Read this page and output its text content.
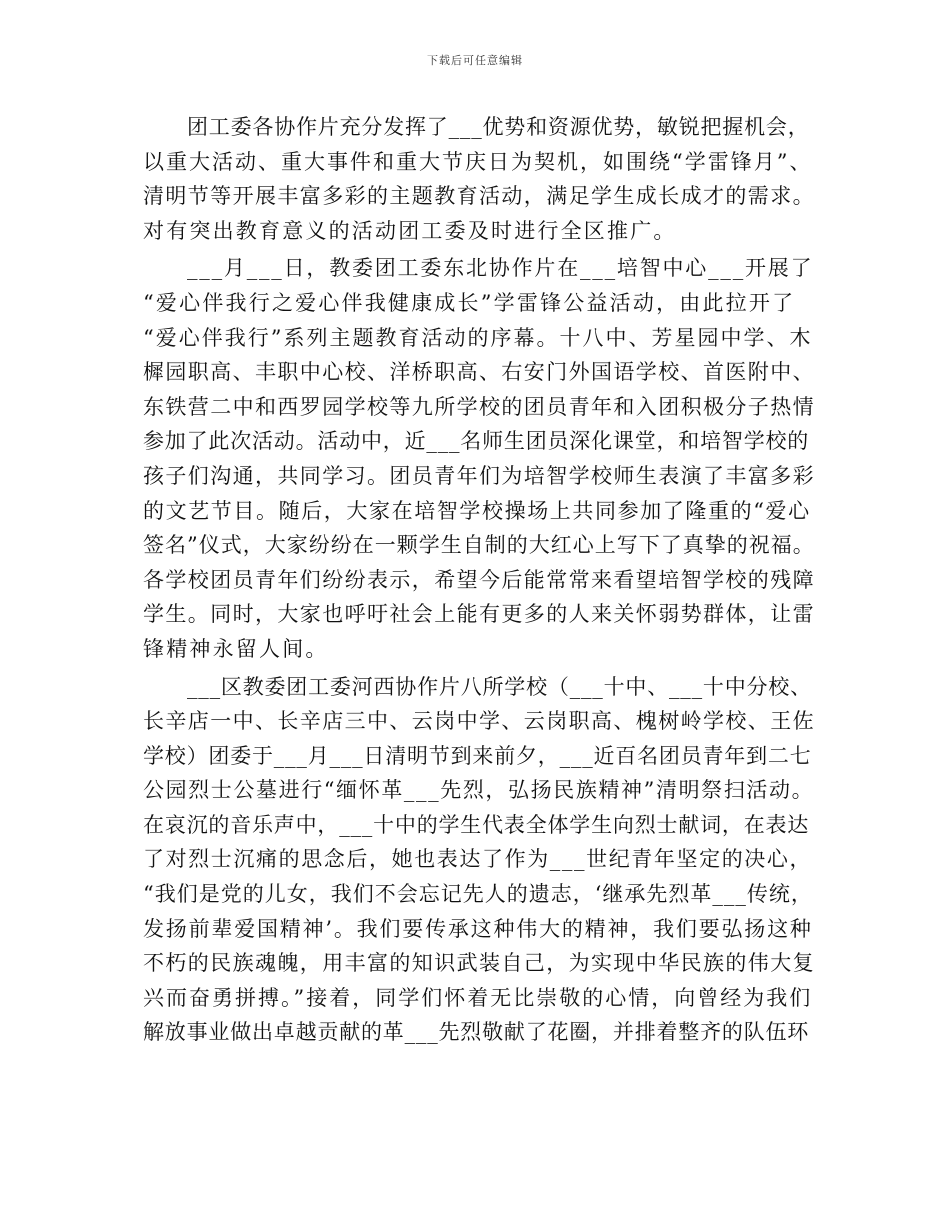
下载后可任意编辑
团工委各协作片充分发挥了___优势和资源优势，敏锐把握机会，
以重大活动、重大事件和重大节庆日为契机，如围绕“学雷锋月”、
清明节等开展丰富多彩的主题教育活动，满足学生成长成才的需求。
对有突出教育意义的活动团工委及时进行全区推广。
___月___日，教委团工委东北协作片在___培智中心___开展了
“爱心伴我行之爱心伴我健康成长”学雷锋公益活动，由此拉开了
“爱心伴我行”系列主题教育活动的序幕。十八中、芳星园中学、木
樨园职高、丰职中心校、洋桥职高、右安门外国语学校、首医附中、
东铁营二中和西罗园学校等九所学校的团员青年和入团积极分子热情
参加了此次活动。活动中，近___名师生团员深化课堂，和培智学校的
孩子们沟通，共同学习。团员青年们为培智学校师生表演了丰富多彩
的文艺节目。随后，大家在培智学校操场上共同参加了隆重的“爱心
签名”仪式，大家纷纷在一颗学生自制的大红心上写下了真挚的祝福。
各学校团员青年们纷纷表示，希望今后能常常来看望培智学校的残障
学生。同时，大家也呼吁社会上能有更多的人来关怀弱势群体，让雷
锋精神永留人间。
___区教委团工委河西协作片八所学校（___十中、___十中分校、
长辛店一中、长辛店三中、云岗中学、云岗职高、槐树岭学校、王佐
学校）团委于___月___日清明节到来前夕，___近百名团员青年到二七
公园烈士公墓进行“缅怀革___先烈，弘扬民族精神”清明祭扫活动。
在哀沉的音乐声中，___十中的学生代表全体学生向烈士献词，在表达
了对烈士沉痛的思念后，她也表达了作为___世纪青年坚定的决心，
“我们是党的儿女，我们不会忘记先人的遗志，‘继承先烈革___传统，
发扬前辈爱国精神’。我们要传承这种伟大的精神，我们要弘扬这种
不朽的民族魂魄，用丰富的知识武装自己，为实现中华民族的伟大复
兴而奋勇拼搏。”接着，同学们怀着无比崇敬的心情，向曾经为我们
解放事业做出卓越贡献的革___先烈敬献了花圈，并排着整齐的队伍环
